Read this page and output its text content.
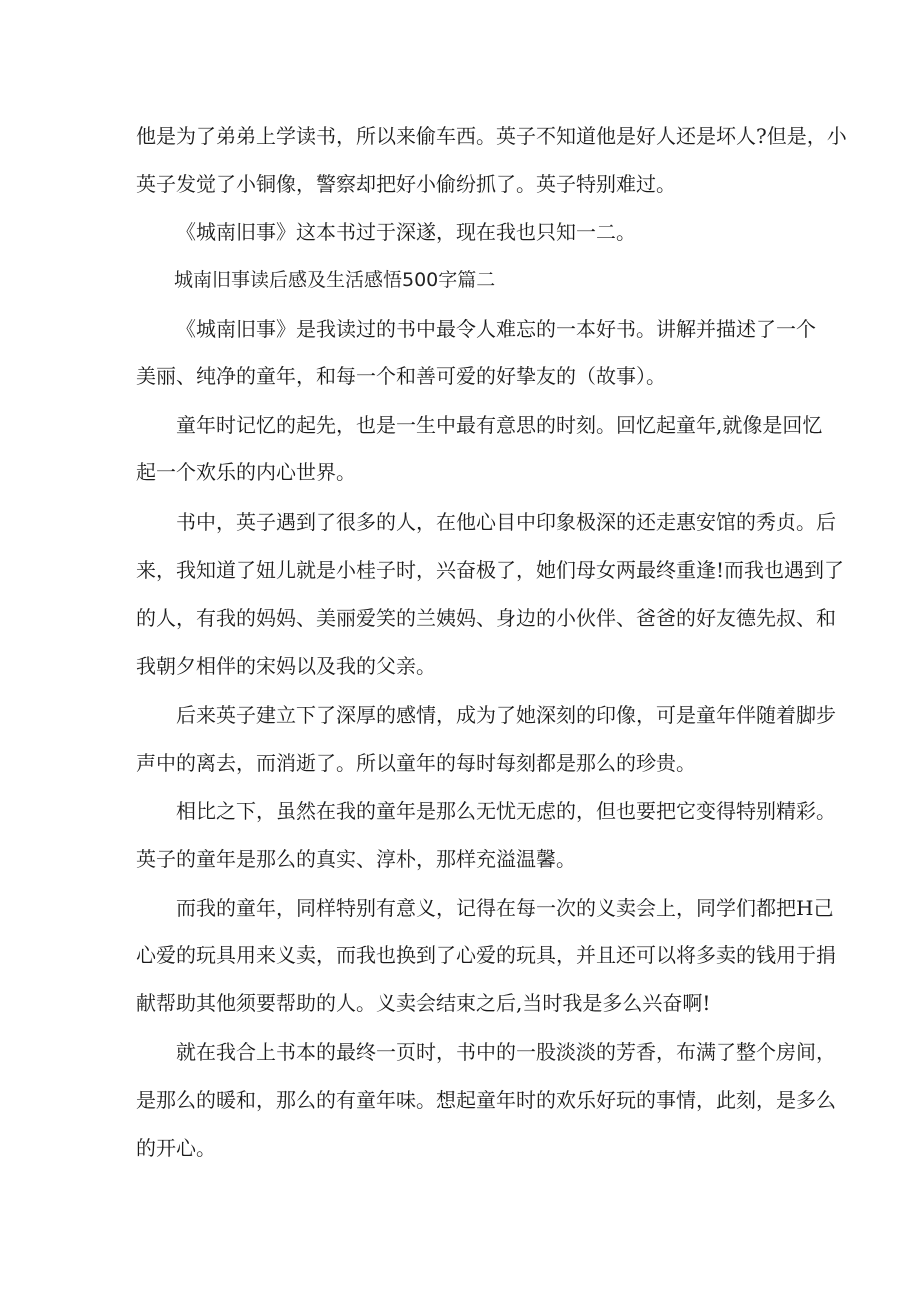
他是为了弟弟上学读书，所以来偷车西。英子不知道他是好人还是坏人?但是，小
英子发觉了小铜像，警察却把好小偷纷抓了。英子特别难过。
《城南旧事》这本书过于深遂，现在我也只知一二。
城南旧事读后感及生活感悟500字篇二
《城南旧事》是我读过的书中最令人难忘的一本好书。讲解并描述了一个
美丽、纯净的童年，和每一个和善可爱的好挚友的（故事）。
童年时记忆的起先，也是一生中最有意思的时刻。回忆起童年,就像是回忆
起一个欢乐的内心世界。
书中，英子遇到了很多的人，在他心目中印象极深的还走惠安馆的秀贞。后
来，我知道了妞儿就是小桂子时，兴奋极了，她们母女两最终重逢!而我也遇到了
的人，有我的妈妈、美丽爱笑的兰姨妈、身边的小伙伴、爸爸的好友德先叔、和
我朝夕相伴的宋妈以及我的父亲。
后来英子建立下了深厚的感情，成为了她深刻的印像，可是童年伴随着脚步
声中的离去，而消逝了。所以童年的每时每刻都是那么的珍贵。
相比之下，虽然在我的童年是那么无忧无虑的，但也要把它变得特别精彩。
英子的童年是那么的真实、淳朴，那样充溢温馨。
而我的童年，同样特别有意义，记得在每一次的义卖会上，同学们都把H己
心爱的玩具用来义卖，而我也换到了心爱的玩具，并且还可以将多卖的钱用于捐
献帮助其他须要帮助的人。义卖会结束之后,当时我是多么兴奋啊!
就在我合上书本的最终一页时，书中的一股淡淡的芳香，布满了整个房间，
是那么的暖和，那么的有童年味。想起童年时的欢乐好玩的事情，此刻，是多么
的开心。
